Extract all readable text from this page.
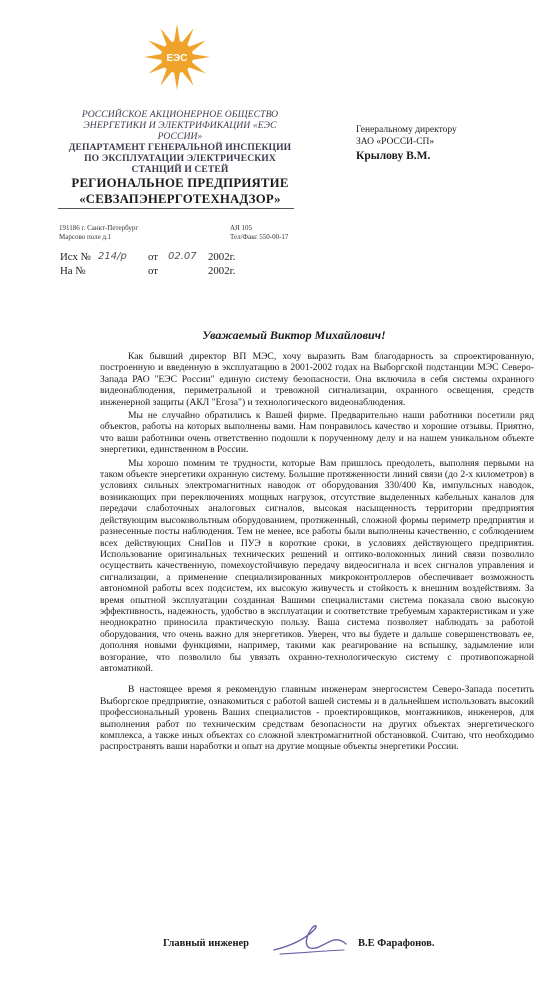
ЕЭС
РОССИЙСКОЕ АКЦИОНЕРНОЕ ОБЩЕСТВО
ЭНЕРГЕТИКИ И ЭЛЕКТРИФИКАЦИИ «ЕЭС РОССИИ»
ДЕПАРТАМЕНТ ГЕНЕРАЛЬНОЙ ИНСПЕКЦИИ
ПО ЭКСПЛУАТАЦИИ ЭЛЕКТРИЧЕСКИХ СТАНЦИЙ И СЕТЕЙ
РЕГИОНАЛЬНОЕ ПРЕДПРИЯТИЕ
«СЕВЗАПЭНЕРГОТЕХНАДЗОР»
191186 г. Санкт-Петербург
Марсово поле д.1
АЯ 105
Тел/Факс 550-00-17
Исх № 214/р от 02.07 2002г.
На №	от	2002г.
Генеральному директору
ЗАО «РОССИ-СП»
Крылову В.М.
Уважаемый Виктор Михайлович!

Как бывший директор ВП МЭС, хочу выразить Вам благодарность за спроектированную, построенную и введенную в эксплуатацию в 2001-2002 годах на Выборгской подстанции МЭС Северо-Запада РАО "ЕЭС России" единую систему безопасности. Она включила в себя системы охранного видеонаблюдения, периметральной и тревожной сигнализации, охранного освещения, средств инженерной защиты (АКЛ "Егоза") и технологического видеонаблюдения.

Мы не случайно обратились к Вашей фирме. Предварительно наши работники посетили ряд объектов, работы на которых выполнены вами. Нам понравилось качество и хорошие отзывы. Приятно, что ваши работники очень ответственно подошли к порученному делу и на нашем уникальном объекте энергетики, единственном в России.

Мы хорошо помним те трудности, которые Вам пришлось преодолеть, выполняя первыми на таком объекте энергетики охранную систему. Большие протяженности линий связи (до 2-х километров) в условиях сильных электромагнитных наводок от оборудования 330/400 Кв, импульсных наводок, возникающих при переключениях мощных нагрузок, отсутствие выделенных кабельных каналов для передачи слаботочных аналоговых сигналов, высокая насыщенность территории предприятия действующим высоковольтным оборудованием, протяженный, сложной формы периметр предприятия и разнесенные посты наблюдения. Тем не менее, все работы были выполнены качественно, с соблюдением всех действующих СниПов и ПУЭ в короткие сроки, в условиях действующего предприятия. Использование оригинальных технических решений и оптико-волоконных линий связи позволило осуществить качественную, помехоустойчивую передачу видеосигнала и всех сигналов управления и сигнализации, а применение специализированных микроконтроллеров обеспечивает возможность автономной работы всех подсистем, их высокую живучесть и стойкость к внешним воздействиям. За время опытной эксплуатации созданная Вашими специалистами система показала свою высокую эффективность, надежность, удобство в эксплуатации и соответствие требуемым характеристикам и уже неоднократно приносила практическую пользу. Ваша система позволяет наблюдать за работой оборудования, что очень важно для энергетиков. Уверен, что вы будете и дальше совершенствовать ее, дополняя новыми функциями, например, такими как реагирование на вспышку, задымление или возгорание, что позволило бы увязать охранно-технологическую систему с противопожарной автоматикой.

В настоящее время я рекомендую главным инженерам энергосистем Северо-Запада посетить Выборгское предприятие, ознакомиться с работой вашей системы и в дальнейшем использовать высокий профессиональный уровень Ваших специалистов - проектировщиков, монтажников, инженеров, для выполнения работ по техническим средствам безопасности на других объектах энергетического комплекса, а также иных объектах со сложной электромагнитной обстановкой. Считаю, что необходимо распространять ваши наработки и опыт на другие мощные объекты энергетики России.

Главный инженер	В.Е Фарафонов.
